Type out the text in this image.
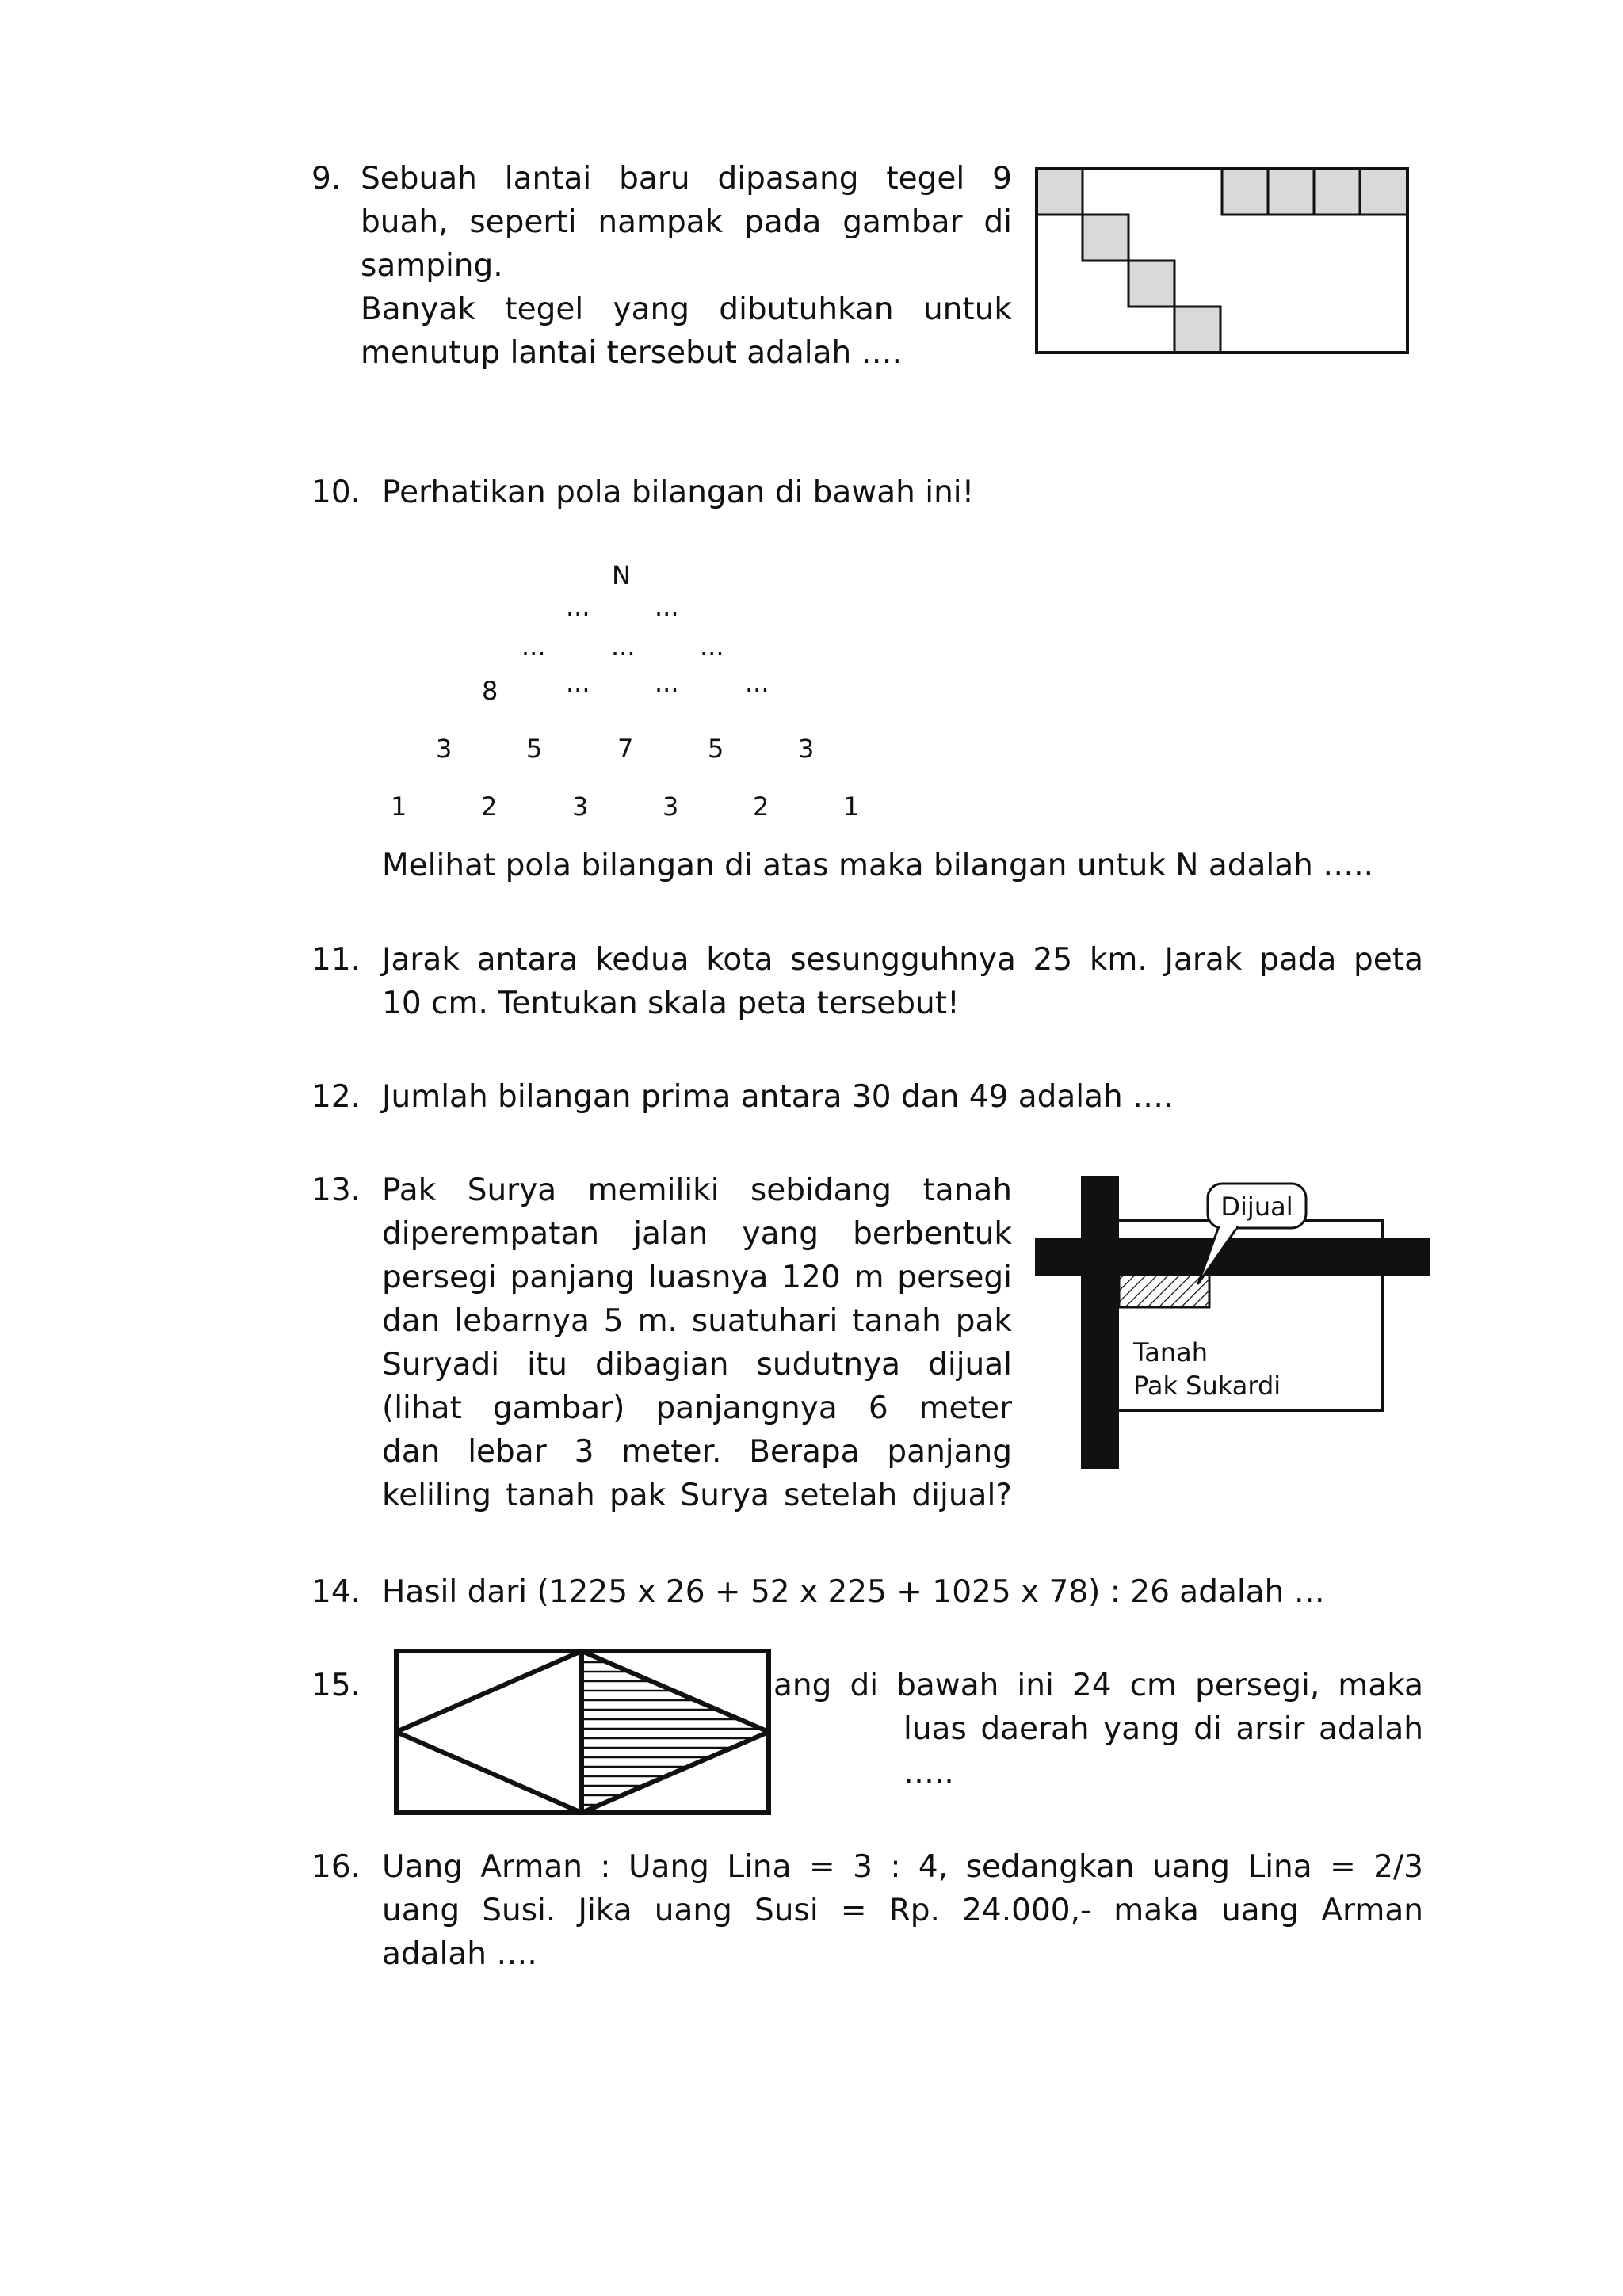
9. Sebuah lantai baru dipasang tegel 9
buah, seperti nampak pada gambar di
samping.
Banyak tegel yang dibutuhkan untuk
menutup lantai tersebut adalah ….
10. Perhatikan pola bilangan di bawah ini!
N
...	...
...	...	...
8	...	...	...
3	5	7	5	3
1	2	3	3	2	1
Melihat pola bilangan di atas maka bilangan untuk N adalah …..
11. Jarak antara kedua kota sesungguhnya 25 km. Jarak pada peta
10 cm. Tentukan skala peta tersebut!
12. Jumlah bilangan prima antara 30 dan 49 adalah ….
13. Pak Surya memiliki sebidang tanah
diperempatan jalan yang berbentuk
persegi panjang luasnya 120 m persegi
dan lebarnya 5 m. suatuhari tanah pak
Suryadi itu dibagian sudutnya dijual
(lihat gambar) panjangnya 6 meter
dan lebar 3 meter. Berapa panjang
keliling tanah pak Surya setelah dijual?
Dijual
Tanah
Pak Sukardi
14. Hasil dari (1225 x 26 + 52 x 225 + 1025 x 78) : 26 adalah …
15.	ang di bawah ini 24 cm persegi, maka
luas daerah yang di arsir adalah
…..
16. Uang Arman : Uang Lina = 3 : 4, sedangkan uang Lina = 2/3
uang Susi. Jika uang Susi = Rp. 24.000,- maka uang Arman
adalah ….
